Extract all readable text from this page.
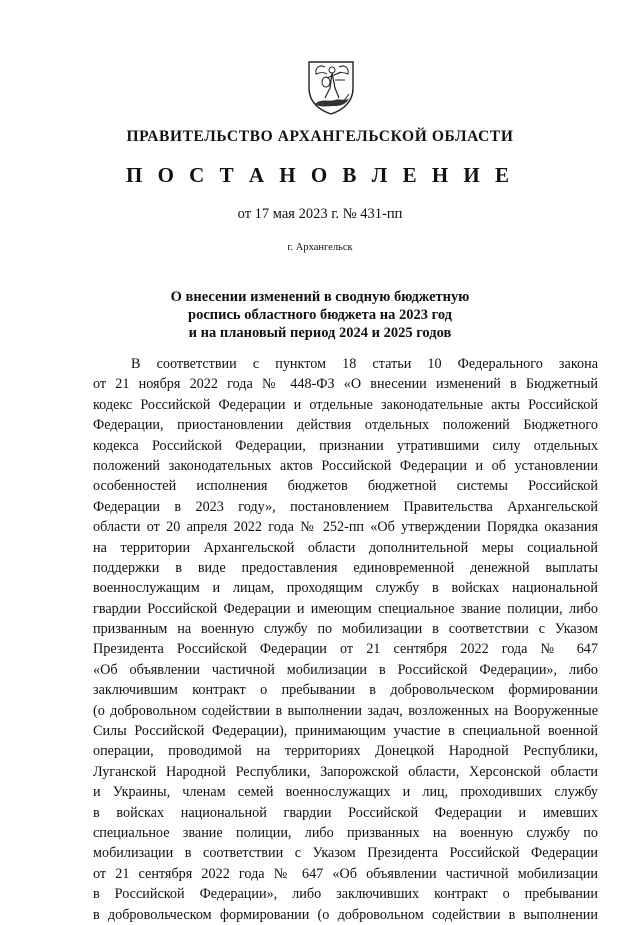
ПРАВИТЕЛЬСТВО АРХАНГЕЛЬСКОЙ ОБЛАСТИ
П О С Т А Н О В Л Е Н И Е
от 17 мая 2023 г. № 431-пп
г. Архангельск
О внесении изменений в сводную бюджетную
роспись областного бюджета на 2023 год
и на плановый период 2024 и 2025 годов
В соответствии с пунктом 18 статьи 10 Федерального закона
от 21 ноября 2022 года № 448-ФЗ «О внесении изменений в Бюджетный
кодекс Российской Федерации и отдельные законодательные акты Российской
Федерации, приостановлении действия отдельных положений Бюджетного
кодекса Российской Федерации, признании утратившими силу отдельных
положений законодательных актов Российской Федерации и об установлении
особенностей исполнения бюджетов бюджетной системы Российской
Федерации в 2023 году», постановлением Правительства Архангельской
области от 20 апреля 2022 года № 252-пп «Об утверждении Порядка оказания
на территории Архангельской области дополнительной меры социальной
поддержки в виде предоставления единовременной денежной выплаты
военнослужащим и лицам, проходящим службу в войсках национальной
гвардии Российской Федерации и имеющим специальное звание полиции, либо
призванным на военную службу по мобилизации в соответствии с Указом
Президента Российской Федерации от 21 сентября 2022 года № 647
«Об объявлении частичной мобилизации в Российской Федерации», либо
заключившим контракт о пребывании в добровольческом формировании
(о добровольном содействии в выполнении задач, возложенных на Вооруженные
Силы Российской Федерации), принимающим участие в специальной военной
операции, проводимой на территориях Донецкой Народной Республики,
Луганской Народной Республики, Запорожской области, Херсонской области
и Украины, членам семей военнослужащих и лиц, проходивших службу
в войсках национальной гвардии Российской Федерации и имевших
специальное звание полиции, либо призванных на военную службу по
мобилизации в соответствии с Указом Президента Российской Федерации
от 21 сентября 2022 года № 647 «Об объявлении частичной мобилизации
в Российской Федерации», либо заключивших контракт о пребывании
в добровольческом формировании (о добровольном содействии в выполнении
